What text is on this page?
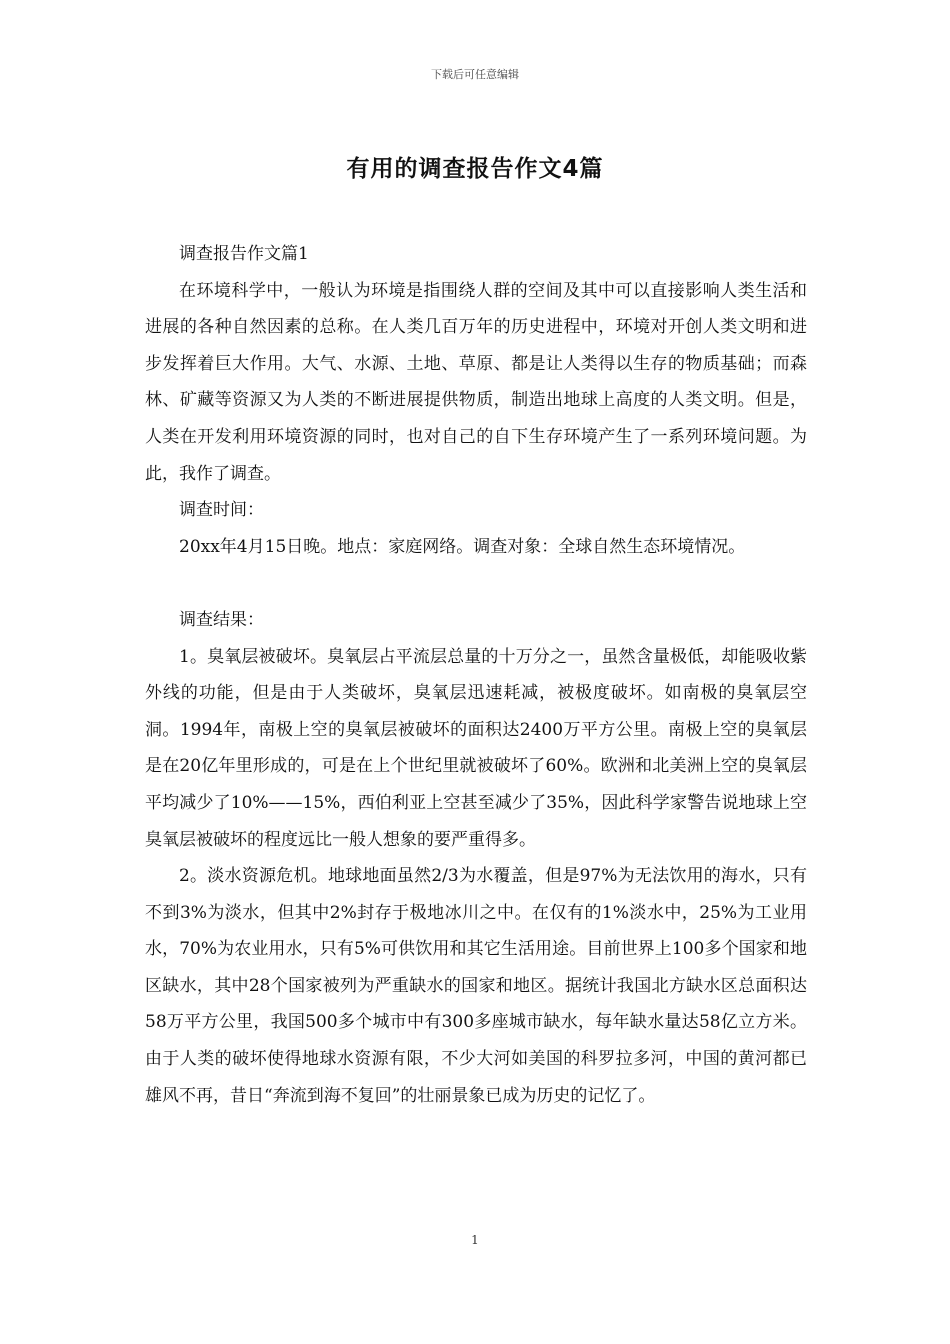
下载后可任意编辑
有用的调查报告作文4篇

调查报告作文篇1

在环境科学中，一般认为环境是指围绕人群的空间及其中可以直接影响人类生活和进展的各种自然因素的总称。在人类几百万年的历史进程中，环境对开创人类文明和进步发挥着巨大作用。大气、水源、土地、草原、都是让人类得以生存的物质基础；而森林、矿藏等资源又为人类的不断进展提供物质，制造出地球上高度的人类文明。但是，人类在开发利用环境资源的同时，也对自己的自下生存环境产生了一系列环境问题。为此，我作了调查。

调查时间：

20xx年4月15日晚。地点：家庭网络。调查对象：全球自然生态环境情况。

调查结果：

1。臭氧层被破坏。臭氧层占平流层总量的十万分之一，虽然含量极低，却能吸收紫外线的功能，但是由于人类破坏，臭氧层迅速耗减，被极度破坏。如南极的臭氧层空洞。1994年，南极上空的臭氧层被破坏的面积达2400万平方公里。南极上空的臭氧层是在20亿年里形成的，可是在上个世纪里就被破坏了60%。欧洲和北美洲上空的臭氧层平均减少了10%——15%，西伯利亚上空甚至减少了35%，因此科学家警告说地球上空臭氧层被破坏的程度远比一般人想象的要严重得多。

2。淡水资源危机。地球地面虽然2/3为水覆盖，但是97%为无法饮用的海水，只有不到3%为淡水，但其中2%封存于极地冰川之中。在仅有的1%淡水中，25%为工业用水，70%为农业用水，只有5%可供饮用和其它生活用途。目前世界上100多个国家和地区缺水，其中28个国家被列为严重缺水的国家和地区。据统计我国北方缺水区总面积达58万平方公里，我国500多个城市中有300多座城市缺水，每年缺水量达58亿立方米。由于人类的破坏使得地球水资源有限，不少大河如美国的科罗拉多河，中国的黄河都已雄风不再，昔日“奔流到海不复回”的壮丽景象已成为历史的记忆了。

1
